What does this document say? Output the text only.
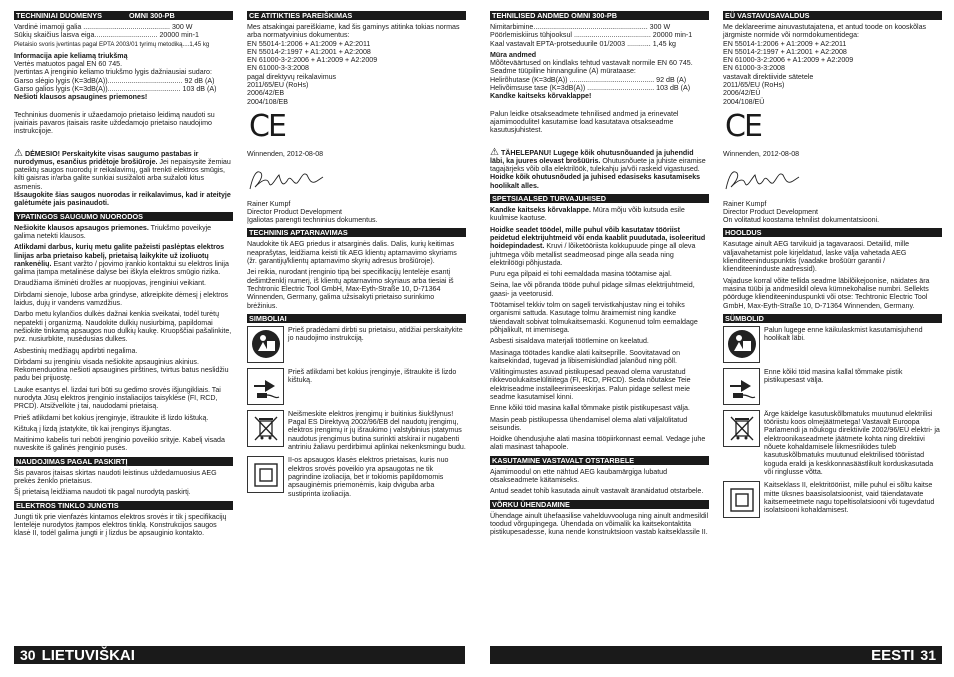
TECHNINIAI DUOMENYS	OMNI 300-PB

Vardinė imamoji galia ............................................ 300 W
Sūkių skaičius laisva eiga................................ 20000 min-1
Pietaisio svoris įvertintas pagal EPTA 2003/01 tyrimų metodiką....1,45 kg

Informacija apie keliamą triukšmą
Vertės matuotos pagal EN 60 745.
Įvertintas A įrenginio keliamo triukšmo lygis dažniausiai sudaro:
Garso slėgio lygis (K=3dB(A))...................................... 92 dB (A)
Garso galios lygis (K=3dB(A))..................................... 103 dB (A)
Nešioti klausos apsaugines priemones!

Techninius duomenis ir užaedamojo prietaiso leidimą naudoti su įvairiais pavaros įtaisais rasite uždedamojo prietaiso naudojimo instrukcijoje.

⚠ DĖMESIO! Perskaitykite visas saugumo pastabas ir nurodymus, esančius pridėtoje brošiūroje. Jei nepaisysite žemiau pateiktų saugos nuorodų ir reikalavimų, gali trenkti elektros smūgis, kilti gaisras ir/arba galite sunkiai susižaloti arba sužaloti kitus asmenis.
Išsaugokite šias saugos nuorodas ir reikalavimus, kad ir ateityje galėtumėte jais pasinaudoti.

YPATINGOS SAUGUMO NUORODOS

Nešiokite klausos apsaugos priemones. Triukšmo poveikyje galima netekti klausos.

Atlikdami darbus, kurių metu galite pažeisti paslėptas elektros linijas arba prietaiso kabelį, prietaisą laikykite už izoliuotų rankenėlių. Esant varžto / pjovimo įrankio kontaktui su elektros linija galima įtampa metalinėse dalyse bei iškyla elektros smūgio rizika.

Draudžiama išminėti drožles ar nuopjovas, įrenginiui veikiant.

Dirbdami sienoje, lubose arba grindyse, atkreipkite dėmesį į elektros laidus, dujų ir vandens vamzdžius.

Darbo metu kylančios dulkės dažnai kenkia sveikatai, todėl turėtų nepatekti į organizmą. Naudokite dulkių nusiurbimą, papildomai nešiokite tinkamą apsaugos nuo dulkių kaukę. Kruopščiai pašalinkite, pvz. nusiurbkite, nusėdusias dulkes.

Asbestinių medžiagų apdirbti negalima.

Dirbdami su įrenginiu visada nešiokite apsauginius akinius. Rekomenduotina nešioti apsaugines pirštines, tvirtus batus neslidžiu padu bei prijuostę.

Lauke esantys el. lizdai turi būti su gedimo srovės išjungikliais. Tai nurodyta Jūsų elektros įrenginio instaliacijos taisyklėse (FI, RCD, PRCD). Atsižvelkite į tai, naudodami prietaisą.

Prieš atlikdami bet kokius įrenginyje, ištraukite iš lizdo kištuką.

Kištuką į lizdą įstatykite, tik kai įrenginys išjungtas.

Maitinimo kabelis turi nebūti įrenginio poveikio srityje. Kabelį visada nuveskite iš galinės įrenginio pusės.

NAUDOJIMAS PAGAL PASKIRTĮ

Šis pavaros įtaisas skirtas naudoti leistinus uždedamuosius AEG prekės ženklo prietaisus.

Šį prietaisą leidžiama naudoti tik pagal nurodytą paskirtį.

ELEKTROS TINKLO JUNGTIS

Jungti tik prie vienfazės kintamos elektros srovės ir tik į specifikacijų lentelėje nurodytos įtampos elektros tinklą. Konstrukcijos saugos klasė II, todėl galima jungti ir į lizdus be apsauginio kontakto.

CE ATITIKTIES PAREIŠKIMAS

Mes atsakingai pareiškiame, kad šis gaminys atitinka tokias normas arba normatyvinius dokumentus:
EN 55014-1:2006 + A1:2009 + A2:2011
EN 55014-2:1997 + A1:2001 + A2:2008
EN 61000-3-2:2006 + A1:2009 + A2:2009
EN 61000-3-3:2008
pagal direktyvų reikalavimus
2011/65/EU (RoHs)
2006/42/EB
2004/108/EB

CE

Winnenden, 2012-08-08

Rainer Kumpf
Director Product Development
Įgaliotas parengti techninius dokumentus.

TECHNINIS APTARNAVIMAS

Naudokite tik AEG priedus ir atsarginės dalis. Dalis, kurių keitimas neaprašytas, leidžiama keisti tik AEG klientų aptarnavimo skyriams (žr. garantijų/klientų aptarnavimo skyrių adresus brošiūroje).

Jei reikia, nurodant įrenginio tipą bei specifikacijų lentelėje esantį dešimtženklį numerį, iš klientų aptarnavimo skyriaus arba tiesiai iš Techtronic Electric Tool GmbH, Max-Eyth-Straße 10, D-71364 Winnenden, Germany, galima užsisakyti prietaiso surinkimo brėžinius.

SIMBOLIAI
Prieš pradėdami dirbti su prietaisu, atidžiai perskaitykite jo naudojimo instrukciją.
Prieš atlikdami bet kokius įrenginyje, ištraukite iš lizdo kištuką.
Neišmeskite elektros įrengimų ir buitinius šiukšlynus! Pagal ES Direktyvą 2002/96/EB del naudotų įrengimų, elektros įrengimų ir jų išraukimo į valstybinius įstatymus naudotus įrengimus butina surinkti atskirai ir nugabenti antriniu žaliavu perdirbimui aplinkai nekenksmingu budu.
II-os apsaugos klasės elektros prietaisas, kuris nuo elektros srovės poveikio yra apsaugotas ne tik pagrindine izoliacija, bet ir tokiomis papildomomis apsauginėmis priemonėmis, kaip dviguba arba sustiprinta izoliacija.
30 LIETUVIŠKAI
TEHNILISED ANDMED OMNI 300-PB

Nimitarbimine.......................................................... 300 W
Pöörlemiskiirus tühjooksul ....................................... 20000 min-1
Kaal vastavalt EPTA-protseduurile 01/2003 ............ 1,45 kg

Müra andmed
Mõõteväärtused on kindlaks tehtud vastavalt normile EN 60 745.
Seadme tüüpiline hinnanguline (A) mürataase:
Helirõhutase (K=3dB(A)) ........................................... 92 dB (A)
Helivõimsuse tase (K=3dB(A)) .................................. 103 dB (A)
Kandke kaitseks kõrvaklappe!

Palun leidke otsakseadmete tehnilised andmed ja erinevatel ajamimooduliteI kasutamise load kasutatava otsakseadme kasutusjuhistest.

⚠ TÄHELEPANU! Lugege kõik ohutusnõuanded ja juhendid läbi, ka juures olevast brošüüris. Ohutusnõuete ja juhiste eiramise tagajärjeks võib olla elektrilöök, tulekahju ja/või raskeid vigastused.
Hoidke kõik ohutusnõuded ja juhised edasiseks kasutamiseks hoolikalt alles.

SPETSIAALSED TURVAJUHISED

Kandke kaitseks kõrvaklappe. Müra mõju võib kutsuda esile kuulmise kaotuse.

Hoidke seadet töödel, mille puhul võib kasutatav tööriist peidetud elektrijuhtmeid või enda kaablit puudutada, isoleeritud hoidepindadest. Kruvi / lõiketööriista kokkupuude pinge all oleva juhtmega võib metallist seadmeosad pinge alla seada ning elektrilöögi põhjustada.

Puru ega pilpaid ei tohi eemaldada masina töötamise ajal.

Seina, lae või põranda tööde puhul pidage silmas elektrijuhtmeid, gaasi- ja veetorusid.

Töötamisel tekkiv tolm on sageli tervistkahjustav ning ei tohiks organismi sattuda. Kasutage tolmu äraimemist ning kandke täiendavalt sobivat tolmukaitsemaski. Kogunenud tolm eemaldage põhjalikult, nt imemisega.

Asbesti sisaldava materjali töötlemine on keelatud.

Masinaga töötades kandke alati kaitseprille. Soovitatavad on kaitsekindad, tugevad ja libisemiskindlad jalanõud ning põll.

Välitingimustes asuvad pistikupesad peavad olema varustatud rikkevoolukaitselülitiitega (FI, RCD, PRCD). Seda nõutakse Teie elektriseadme installeerimiseeskirjas. Palun pidage sellest meie seadme kasutamisel kinni.

Enne kõiki töid masina kallal tõmmake pistik pistikupesast välja.

Masin peab pistikupessa ühendamisel olema alati väljalülitatud seisundis.

Hoidke ühendusjuhe alati masina tööpiirkonnast eemal. Vedage juhe alati masinast tahapoole.

KASUTAMINE VASTAVALT OTSTARBELE

Ajamimoodul on ette nähtud AEG kaubamärgiga lubatud otsakseadmete käitamiseks.

Antud seadet tohib kasutada ainult vastavalt äranäidatud otstarbele.

VÕRKU ÜHENDAMINE

Ühendage ainult ühefaasilise vahelduvvooluga ning ainult andmesildil toodud võrgupingega. Ühendada on võimalik ka kaitsekontaktita pistikupesadesse, kuna nende konstruktsioon vastab kaitseklassile II.

EÜ VASTAVUSAVALDUS

Me deklareerime ainuvastutajatena, et antud toode on kooskõlas järgmiste normide või normdokumentidega:
EN 55014-1:2006 + A1:2009 + A2:2011
EN 55014-2:1997 + A1:2001 + A2:2008
EN 61000-3-2:2006 + A1:2009 + A2:2009
EN 61000-3-3:2008
vastavalt direktiivide sätetele
2011/65/EU (RoHs)
2006/42/EÜ
2004/108/EÜ

CE

Winnenden, 2012-08-08

Rainer Kumpf
Director Product Development
On volitatud koostama tehnilist dokumentatsiooni.

HOOLDUS

Kasutage ainult AEG tarvikuid ja tagavaraosi. Detailid, mille väljavahetamist pole kirjeldatud, laske välja vahetada AEG klienditeeninduspunktis (vaadake brošüürr garantii / klienditeeninduste aadressid).

Vajaduse korral võite tellida seadme läbilõikejoonise, näidates ära masina tüübi ja andmesildil oleva kümnekohalise numbri. Sellekts pöörduge klienditeeninduspunkti või otse: Techtronic Electric Tool GmbH, Max-Eyth-Straße 10, D-71364 Winnenden, Germany.

SÜMBOLID
Palun lugege enne käikulaskmist kasutamisjuhend hoolikalt läbi.
Enne kõiki töid masina kallal tõmmake pistik pistikupesast välja.
Ärge käidelge kasutuskõlbmatuks muutunud elektrilisi tööriistu koos olmejäätmetega! Vastavalt Euroopa Parlamendi ja nõukogu direktiivile 2002/96/EÜ elektri- ja elektroonikaseadmete jäätmete kohta ning direktiivi nõuete kohaldamisele liikmesriikides tuleb kasutuskõlbmatuks muutunud elektrilised tööriistad koguda eraldi ja keskkonnasäästlikult korduskasutada või ringlusse võtta.
Kaitseklass II, elektritööriist, mille puhul ei sõltu kaitse mitte üksnes baasisolatsioonist, vaid täiendatavate kaitsemeetmete nagu topeltisolatsiooni või tugevdatud isolatsiooni kohaldamisest.
EESTI 31
